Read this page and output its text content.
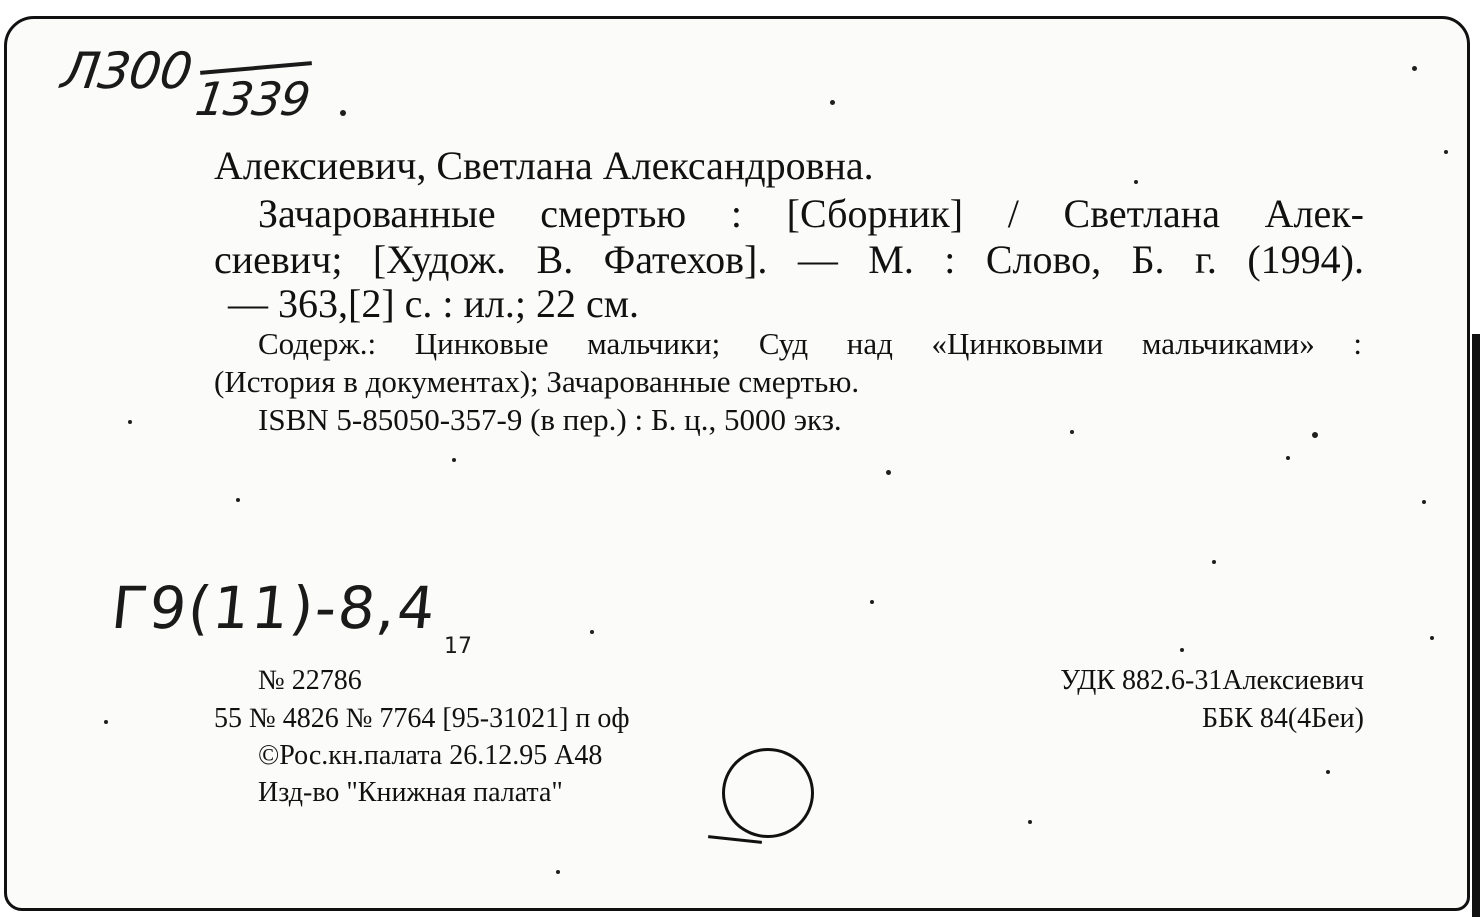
Л300
1339
Алексиевич, Светлана Александровна.
Зачарованные смертью : [Сборник] / Светлана Алек-
сиевич; [Худож. В. Фатехов]. — М. : Слово, Б. г. (1994).
— 363,[2] с. : ил.; 22 см.
Содерж.: Цинковые мальчики; Суд над «Цинковыми мальчиками» :
(История в документах); Зачарованные смертью.
ISBN 5-85050-357-9 (в пер.) : Б. ц., 5000 экз.
Г9(11)-8,4
17
№ 22786
55 № 4826 № 7764 [95-31021] п оф
©Рос.кн.палата 26.12.95 А48
Изд-во "Книжная палата"
УДК 882.6-31Алексиевич
ББК 84(4Беи)
